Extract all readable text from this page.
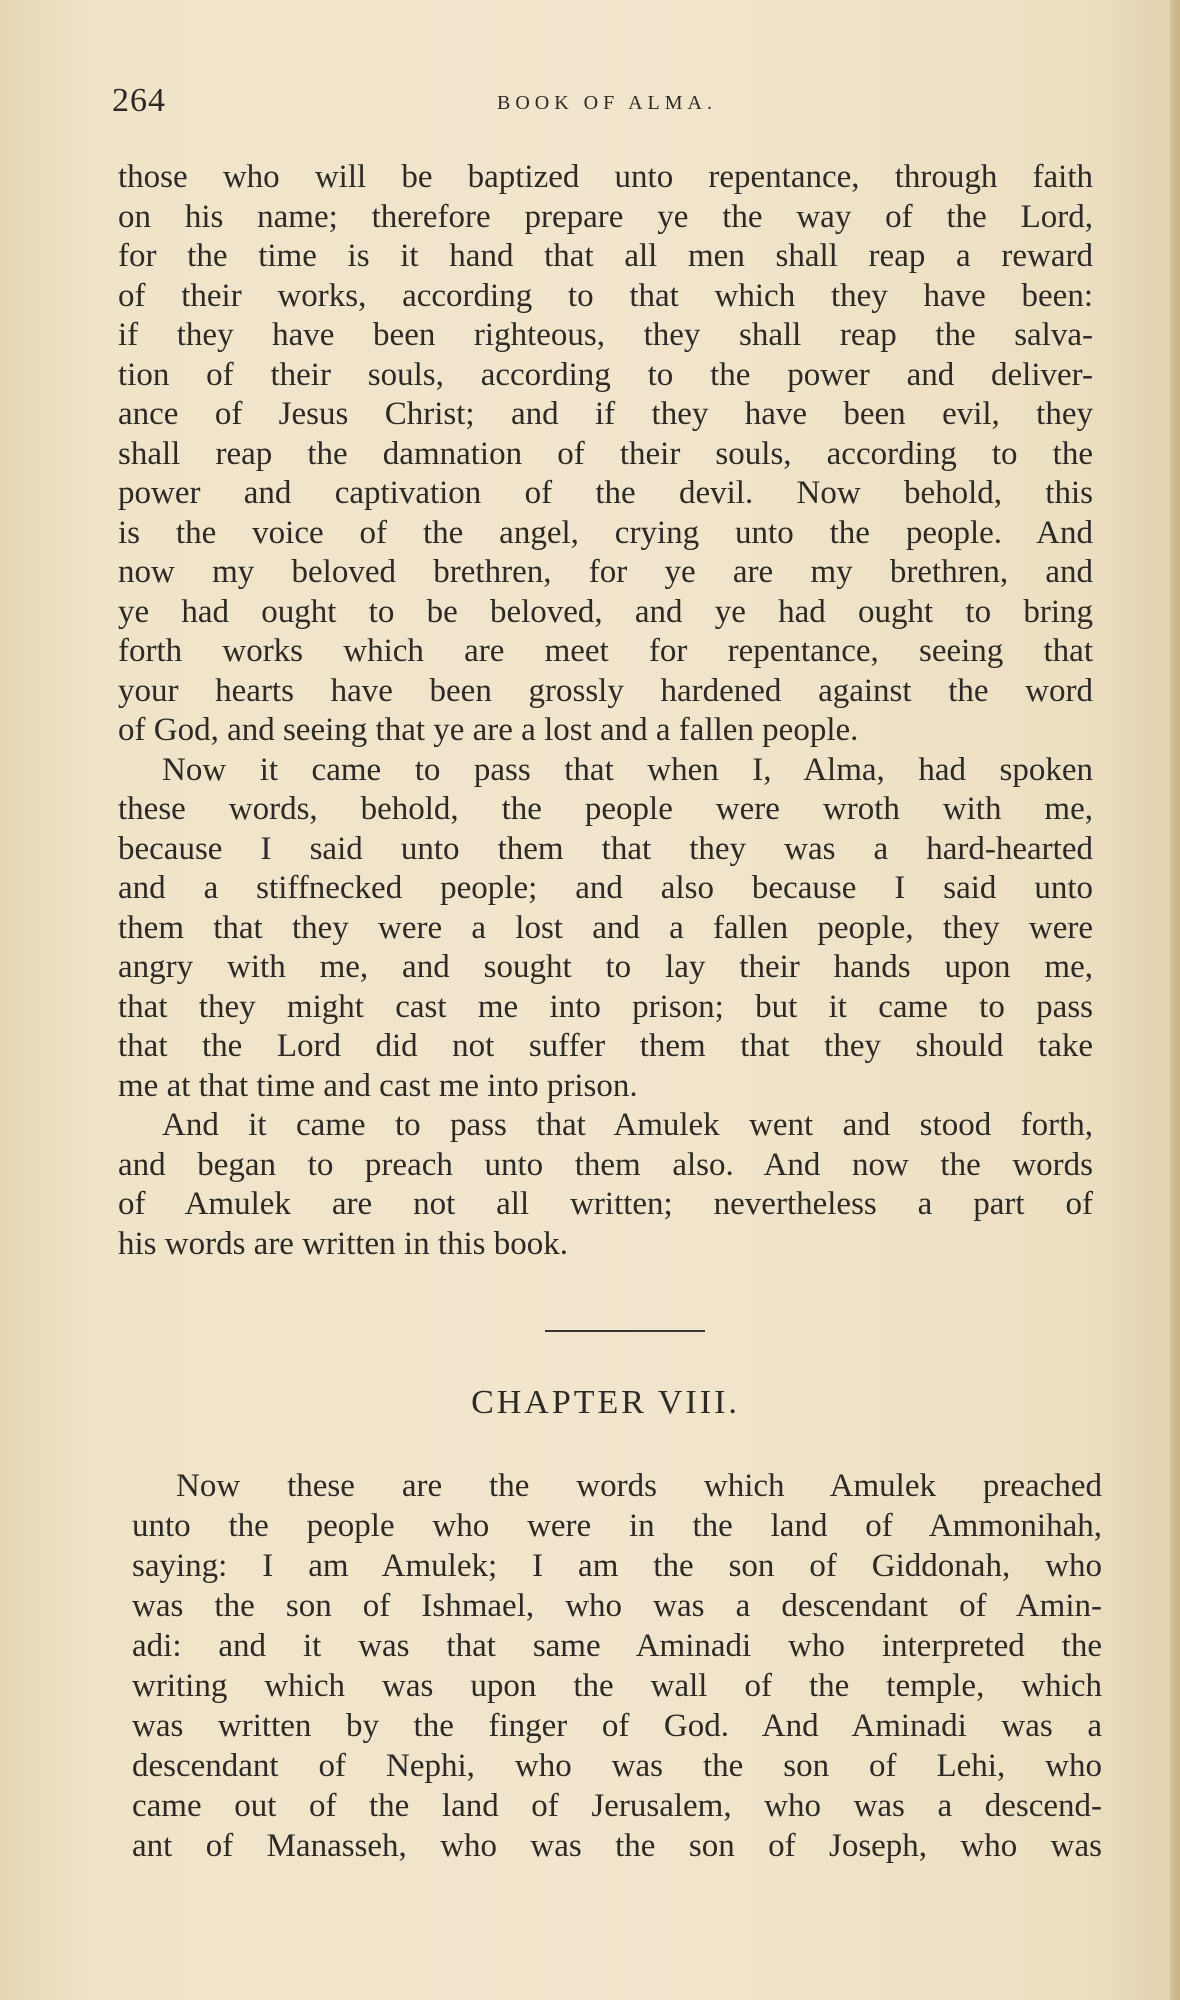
264	BOOK OF ALMA.
those who will be baptized unto repentance, through faith
on his name; therefore prepare ye the way of the Lord,
for the time is it hand that all men shall reap a reward
of their works, according to that which they have been:
if they have been righteous, they shall reap the salva-
tion of their souls, according to the power and deliver-
ance of Jesus Christ; and if they have been evil, they
shall reap the damnation of their souls, according to the
power and captivation of the devil. Now behold, this
is the voice of the angel, crying unto the people. And
now my beloved brethren, for ye are my brethren, and
ye had ought to be beloved, and ye had ought to bring
forth works which are meet for repentance, seeing that
your hearts have been grossly hardened against the word
of God, and seeing that ye are a lost and a fallen people.
Now it came to pass that when I, Alma, had spoken
these words, behold, the people were wroth with me,
because I said unto them that they was a hard-hearted
and a stiffnecked people; and also because I said unto
them that they were a lost and a fallen people, they were
angry with me, and sought to lay their hands upon me,
that they might cast me into prison; but it came to pass
that the Lord did not suffer them that they should take
me at that time and cast me into prison.
And it came to pass that Amulek went and stood forth,
and began to preach unto them also. And now the words
of Amulek are not all written; nevertheless a part of
his words are written in this book.
CHAPTER VIII.
Now these are the words which Amulek preached
unto the people who were in the land of Ammonihah,
saying: I am Amulek; I am the son of Giddonah, who
was the son of Ishmael, who was a descendant of Amin-
adi: and it was that same Aminadi who interpreted the
writing which was upon the wall of the temple, which
was written by the finger of God. And Aminadi was a
descendant of Nephi, who was the son of Lehi, who
came out of the land of Jerusalem, who was a descend-
ant of Manasseh, who was the son of Joseph, who was
